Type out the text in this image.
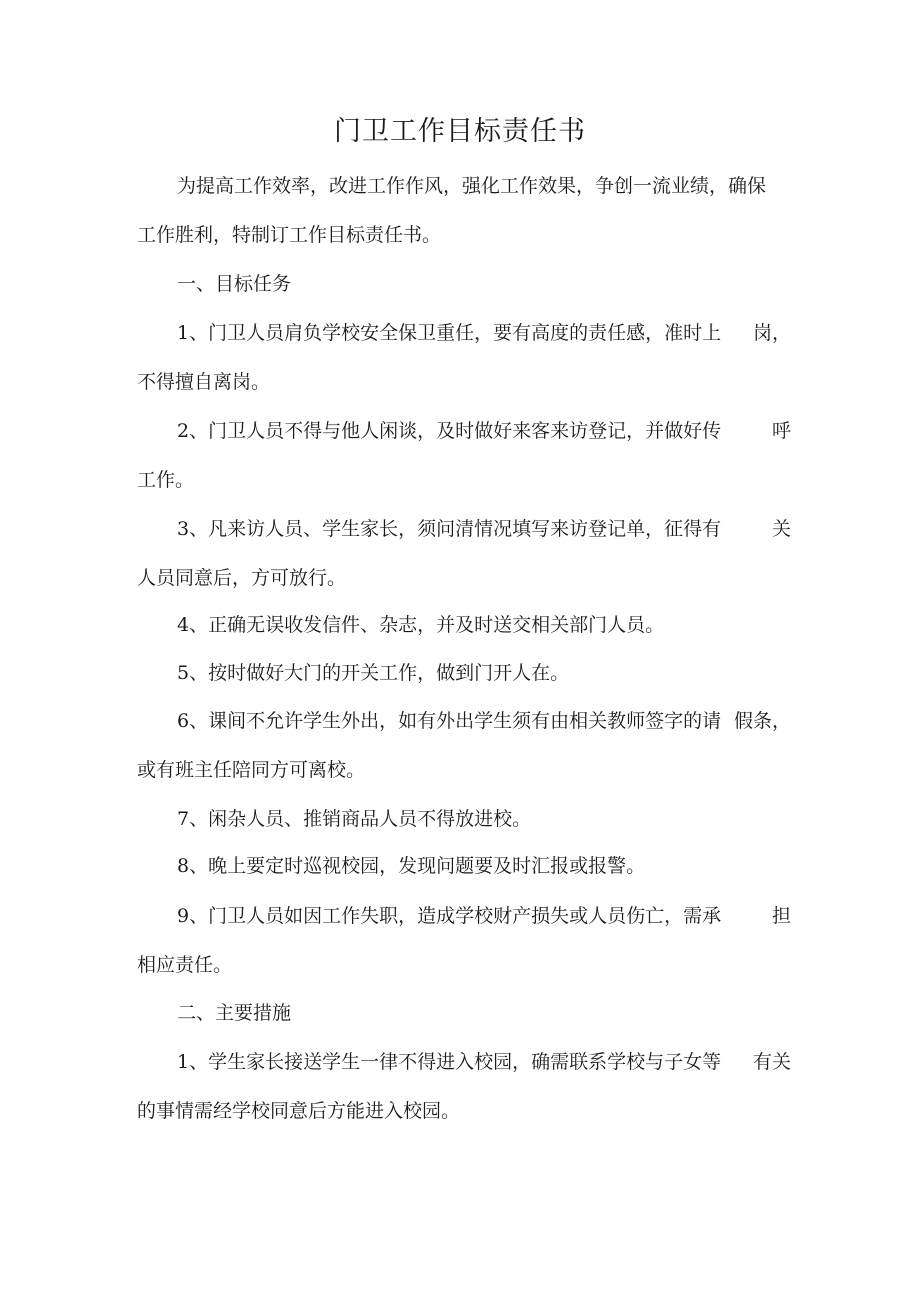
门卫工作目标责任书
为提高工作效率，改进工作作风，强化工作效果，争创一流业绩，确保
工作胜利，特制订工作目标责任书。
一、目标任务
1、门卫人员肩负学校安全保卫重任，要有高度的责任感，准时上 岗，
不得擅自离岗。
2、门卫人员不得与他人闲谈，及时做好来客来访登记，并做好传	呼
工作。
3、凡来访人员、学生家长，须问清情况填写来访登记单，征得有	关
人员同意后，方可放行。
4、正确无误收发信件、杂志，并及时送交相关部门人员。
5、按时做好大门的开关工作，做到门开人在。
6、课间不允许学生外出，如有外出学生须有由相关教师签字的请 假条，
或有班主任陪同方可离校。
7、闲杂人员、推销商品人员不得放进校。
8、晚上要定时巡视校园，发现问题要及时汇报或报警。
9、门卫人员如因工作失职，造成学校财产损失或人员伤亡，需承	担
相应责任。
二、主要措施
1、学生家长接送学生一律不得进入校园，确需联系学校与子女等 有关
的事情需经学校同意后方能进入校园。
